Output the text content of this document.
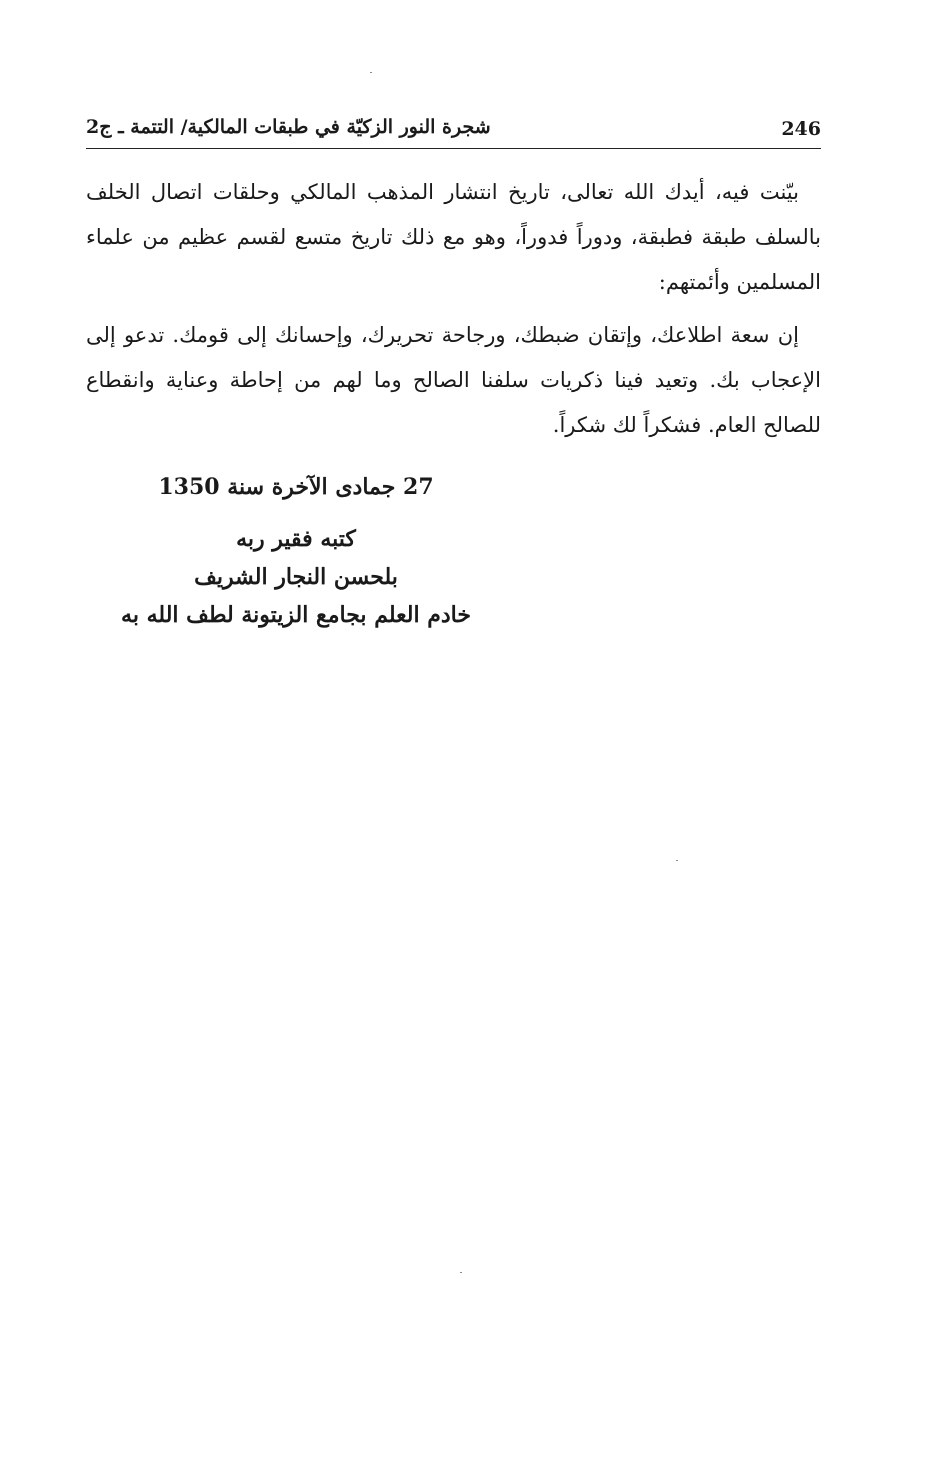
246
شجرة النور الزكيّة في طبقات المالكية/ التتمة ـ ج2

بيّنت فيه، أيدك الله تعالى، تاريخ انتشار المذهب المالكي وحلقات اتصال الخلف بالسلف طبقة فطبقة، ودوراً فدوراً، وهو مع ذلك تاريخ متسع لقسم عظيم من علماء المسلمين وأئمتهم:

إن سعة اطلاعك، وإتقان ضبطك، ورجاحة تحريرك، وإحسانك إلى قومك. تدعو إلى الإعجاب بك. وتعيد فينا ذكريات سلفنا الصالح وما لهم من إحاطة وعناية وانقطاع للصالح العام. فشكراً لك شكراً.

27 جمادى الآخرة سنة 1350
كتبه فقير ربه
بلحسن النجار الشريف
خادم العلم بجامع الزيتونة لطف الله به
